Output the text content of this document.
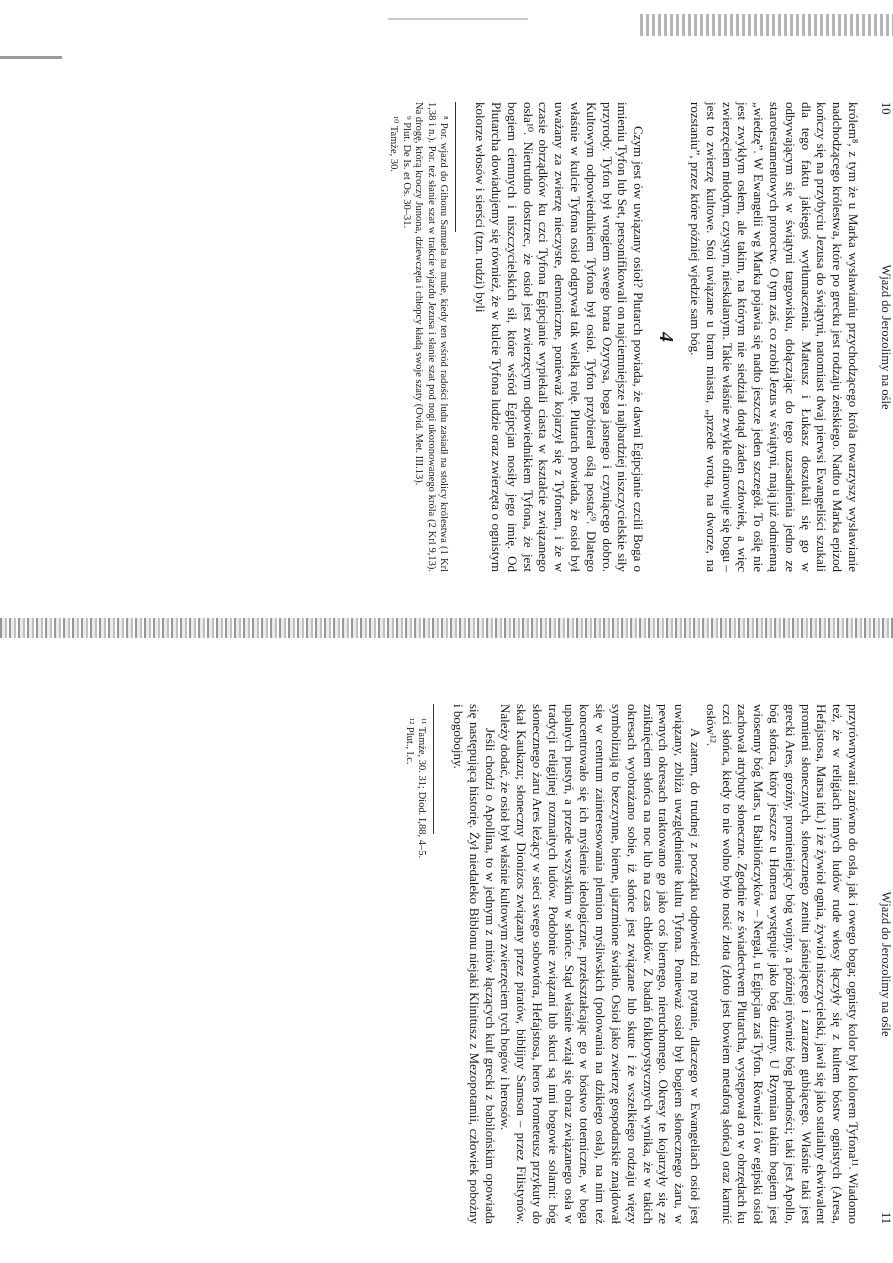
10
Wjazd do Jerozolimy na ośle

królem⁸, z tym że u Marka wysławianiu przychodzącego króla towarzyszy wysławianie nadchodzącego królestwa, które po grecku jest rodzaju żeńskiego. Nadto u Marka epizod kończy się na przybyciu Jezusa do świątyni, natomiast dwaj pierwsi Ewangeliści szukali dla tego faktu jakiegoś wytłumaczenia. Mateusz i Łukasz doszukali się go w odbywającym się w świątyni targowisku, dołączając do tego uzasadnienia jedno ze starotestamentowych proroctw. O tym zaś, co zrobił Jezus w świątyni, mają już odmienną „wiedzę”. W Ewangelii wg Marka pojawia się nadto jeszcze jeden szczegół. To oślę nie jest zwykłym osłem, ale takim, na którym nie siedział dotąd żaden człowiek, a więc zwierzęciem młodym, czystym, nieskalanym. Takie właśnie zwykle ofiarowuje się bogu – jest to zwierzę kultowe. Stoi uwiązane u bram miasta, „przede wrotą, na dworze, na rozstaniu”, przez które później wjedzie sam bóg.

4

Czym jest ów uwiązany osioł? Plutarch powiada, że dawni Egipcjanie czcili Boga o imieniu Tyfon lub Set, personifikowali on najciemniejsze i najbardziej niszczycielskie siły przyrody. Tyfon był wrogiem swego brata Ozyrysa, boga jasnego i czyniącego dobro. Kultowym odpowiednikiem Tyfona był osioł. Tyfon przybierał oślą postać⁹. Dlatego właśnie w kulcie Tyfona osioł odgrywał tak wielką rolę. Plutarch powiada, że osioł był uważany za zwierzę nieczyste, demoniczne, ponieważ kojarzył się z Tyfonem, i że w czasie obrządków ku czci Tyfona Egipcjanie wypiekali ciasta w kształcie związanego osła¹⁰. Nietrudno dostrzec, że osioł jest zwierzęcym odpowiednikiem Tyfona, że jest bogiem ciemnych i niszczycielskich sił, które wśród Egipcjan nosiły jego imię. Od Plutarcha dowiadujemy się również, że w kulcie Tyfona ludzie oraz zwierzęta o ognistym kolorze włosów i sierści (tzn. rudzi) byli

⁸ Por. wjazd do Gihonu Samuela na mule, kiedy ten wśród radości ludu zasiadł na stolicy królestwa (1 Krl 1,38 i n.). Por. też słanie szat w trakcie wjazdu Jezusa i słanie szat pod nogi ukoronowanego króla (2 Krl 9,13). Na drogę, którą kroczy Junona, dziewczęta i chłopcy kładą swoje szaty (Ovid. Met. III.13).

⁹ Plut. De Is. et Os. 30–31.

¹⁰ Tamże, 30.

Wjazd do Jerozolimy na ośle
11

przyrównywani zarówno do osła, jak i owego boga; ognisty kolor był kolorem Tyfona¹¹. Wiadomo też, że w religiach innych ludów rude włosy łączyły się z kultem bóstw ognistych (Aresa, Hefajstosa, Marsa itd.) i że żywioł ognia, żywioł niszczycielski, jawił się jako statialny ekwiwalent promieni słonecznych, słonecznego zenitu jaśniejącego i zarazem gubiącego. Właśnie taki jest grecki Ares, groźny, promieniejący bóg wojny, a później również bóg płodności; taki jest Apollo, bóg słońca, który jeszcze u Homera występuje jako bóg dżumy. U Rzymian takim bogiem jest wiosenny bóg Mars, u Babilończyków – Nergal, u Egipcjan zaś Tyfon. Również i ów egipski osioł zachował atrybuty słoneczne. Zgodnie ze świadectwem Plutarcha, występował on w obrzędach ku czci słońca, kiedy to nie wolno było nosić złota (złoto jest bowiem metaforą słońca) oraz karmić osłów¹².

A zatem, do trudnej z początku odpowiedzi na pytanie, dlaczego w Ewangeliach osioł jest uwiązany, zbliża uwzględnienie kultu Tyfona. Ponieważ osioł był bogiem słonecznego żaru, w pewnych okresach traktowano go jako coś biernego, nieruchomego. Okresy te kojarzyły się ze zniknięciem słońca na noc lub na czas chłodów. Z badań folklorystycznych wynika, że w takich okresach wyobrażano sobie, iż słońce jest związane lub skute i że wszelkiego rodzaju więzy symbolizują to bezczynne, bierne, ujarzmione światło. Osioł jako zwierzę gospodarskie znajdował się w centrum zainteresowania plemion myśliwskich (polowania na dzikiego osła), na nim też koncentrowało się ich myślenie ideologiczne, przekształcając go w bóstwo totemiczne, w boga upalnych pustyń, a przede wszystkim w słońce. Stąd właśnie wziął się obraz związanego osła w tradycji religijnej rozmaitych ludów. Podobnie związani lub skuci są inni bogowie solarni: bóg słonecznego żaru Ares leżący w sieci swego sobowtóra, Hefajstosa, heros Prometeusz przykuty do skał Kaukazu; słoneczny Dionizos związany przez piratów, biblijny Samson – przez Filistynów. Należy dodać, że osioł był właśnie kultowym zwierzęciem tych bogów i herosów.

Jeśli chodzi o Apollina, to w jednym z mitów łączących kult grecki z babilońskim opowiada się następującą historię. Żył niedaleko Biblonu niejaki Klinitusz z Mezopotamii, człowiek pobożny i bogobojny.

¹¹ Tamże, 30. 31; Diod. I,88, 4–5.

¹² Plut., l.c.
